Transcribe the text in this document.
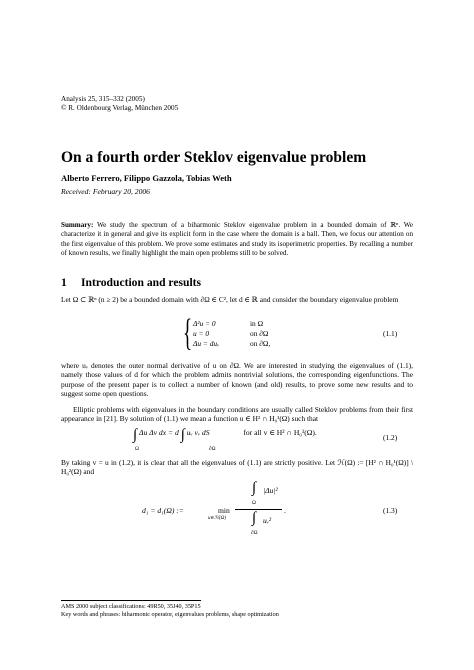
Analysis 25, 315–332 (2005)
© R. Oldenbourg Verlag, München 2005
On a fourth order Steklov eigenvalue problem
Alberto Ferrero, Filippo Gazzola, Tobias Weth
Received: February 20, 2006
Summary: We study the spectrum of a biharmonic Steklov eigenvalue problem in a bounded domain of ℝⁿ. We characterize it in general and give its explicit form in the case where the domain is a ball. Then, we focus our attention on the first eigenvalue of this problem. We prove some estimates and study its isoperimetric properties. By recalling a number of known results, we finally highlight the main open problems still to be solved.
1 Introduction and results
Let Ω ⊂ ℝⁿ (n ≥ 2) be a bounded domain with ∂Ω ∈ C², let d ∈ ℝ and consider the boundary eigenvalue problem
{ Δ²u = 0	in Ω
u = 0	on ∂Ω
Δu = duᵥ	on ∂Ω,
(1.1)
where uᵥ denotes the outer normal derivative of u on ∂Ω. We are interested in studying the eigenvalues of (1.1), namely those values of d for which the problem admits nontrivial solutions, the corresponding eigenfunctions. The purpose of the present paper is to collect a number of known (and old) results, to prove some new results and to suggest some open questions.
Elliptic problems with eigenvalues in the boundary conditions are usually called Steklov problems from their first appearance in [21]. By solution of (1.1) we mean a function u ∈ H² ∩ H₀¹(Ω) such that
∫
Ω
Δu Δv dx = d ∫
∂Ω
uᵥ vᵥ dS	for all v ∈ H² ∩ H₀¹(Ω).
(1.2)
By taking v = u in (1.2), it is clear that all the eigenvalues of (1.1) are strictly positive. Let ℋ(Ω) := [H² ∩ H₀¹(Ω)] \ H₀²(Ω) and
d₁ = d₁(Ω) :=	min
u∈ℋ(Ω)
∫
Ω
|Δu|²
∫
∂Ω
uᵥ²
.	(1.3)
AMS 2000 subject classifications: 49R50, 35J40, 35P15
Key words and phrases: biharmonic operator, eigenvalues problems, shape optimization
